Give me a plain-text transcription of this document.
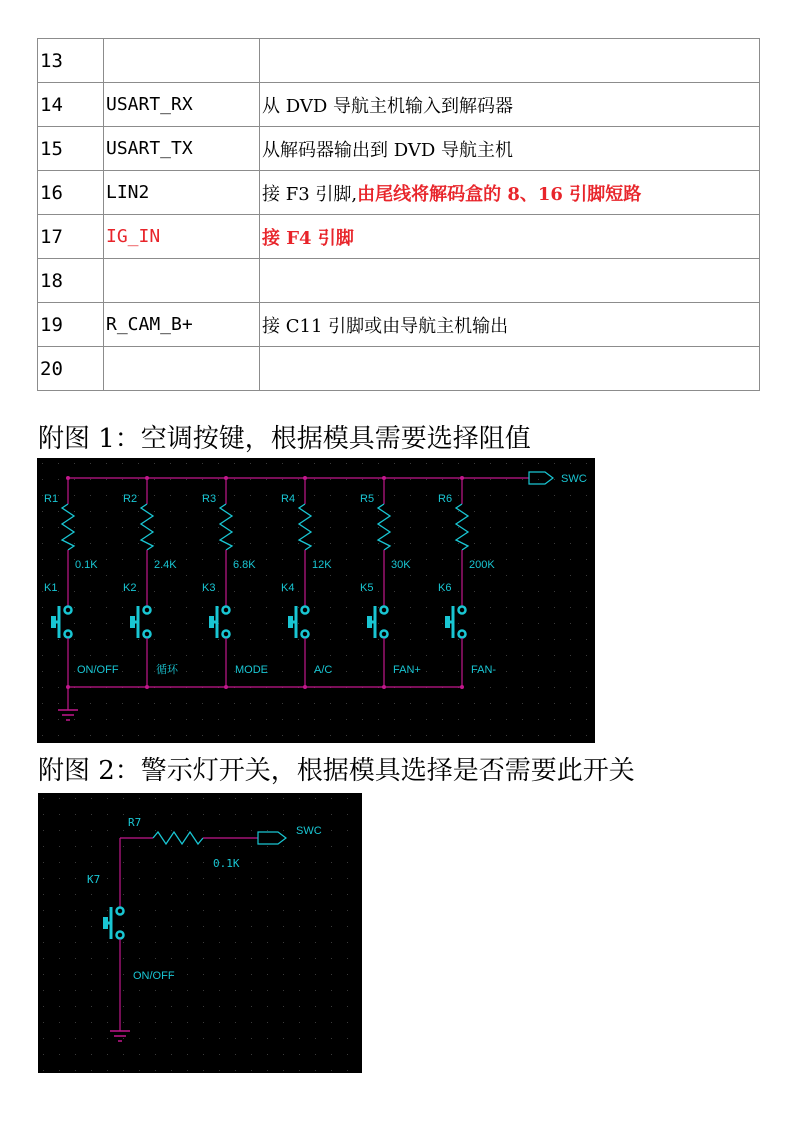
13		
14	USART_RX	从 DVD 导航主机输入到解码器
15	USART_TX	从解码器输出到 DVD 导航主机
16	LIN2	接 F3 引脚,由尾线将解码盒的 8、16 引脚短路
17	IG_IN	接 F4 引脚
18		
19	R_CAM_B+	接 C11 引脚或由导航主机输出
20		
附图 1：空调按键，根据模具需要选择阻值
SWC
R1
0.1K
K1
ON/OFF
R2
2.4K
K2
循环
R3
6.8K
K3
MODE
R4
12K
K4
A/C
R5
30K
K5
FAN+
R6
200K
K6
FAN-
附图 2：警示灯开关，根据模具选择是否需要此开关
SWC
R7
0.1K
K7
ON/OFF
